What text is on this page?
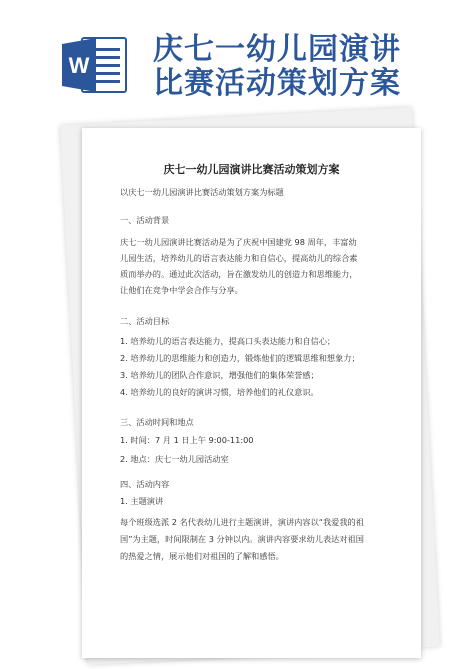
W 庆七一幼儿园演讲
比赛活动策划方案
庆七一幼儿园演讲比赛活动策划方案
以庆七一幼儿园演讲比赛活动策划方案为标题
一、活动背景
庆七一幼儿园演讲比赛活动是为了庆祝中国建党 98 周年，丰富幼
儿园生活，培养幼儿的语言表达能力和自信心，提高幼儿的综合素
质而举办的。通过此次活动，旨在激发幼儿的创造力和思维能力，
让他们在竞争中学会合作与分享。
二、活动目标
1. 培养幼儿的语言表达能力，提高口头表达能力和自信心；
2. 培养幼儿的思维能力和创造力，锻炼他们的逻辑思维和想象力；
3. 培养幼儿的团队合作意识，增强他们的集体荣誉感；
4. 培养幼儿的良好的演讲习惯，培养他们的礼仪意识。
三、活动时间和地点
1. 时间：7 月 1 日上午 9:00-11:00
2. 地点：庆七一幼儿园活动室
四、活动内容
1. 主题演讲
每个班级选派 2 名代表幼儿进行主题演讲，演讲内容以“我爱我的祖
国”为主题，时间限制在 3 分钟以内。演讲内容要求幼儿表达对祖国
的热爱之情，展示他们对祖国的了解和感悟。
